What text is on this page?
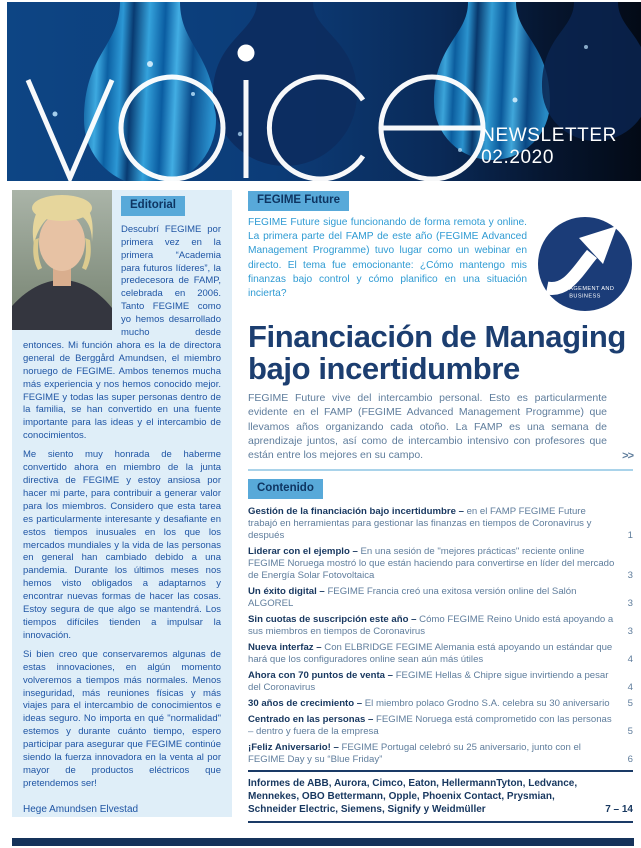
NEWSLETTER
02.2020
Editorial

Descubrí FEGIME por primera vez en la primera “Academia para futuros líderes”, la predecesora de FAMP, celebrada en 2006. Tanto FEGIME como yo hemos desarrollado mucho desde entonces. Mi función ahora es la de directora general de Berggård Amundsen, el miembro noruego de FEGIME. Ambos tenemos mucha más experiencia y nos hemos conocido mejor. FEGIME y todas las super personas dentro de la familia, se han convertido en una fuente importante para las ideas y el intercambio de conocimientos.

Me siento muy honrada de haberme convertido ahora en miembro de la junta directiva de FEGIME y estoy ansiosa por hacer mi parte, para contribuir a generar valor para los miembros. Considero que esta tarea es particularmente interesante y desafiante en estos tiempos inusuales en los que los mercados mundiales y la vida de las personas en general han cambiado debido a una pandemia. Durante los últimos meses nos hemos visto obligados a adaptarnos y encontrar nuevas formas de hacer las cosas. Estoy segura de que algo se mantendrá. Los tiempos difíciles tienden a impulsar la innovación.

Si bien creo que conservaremos algunas de estas innovaciones, en algún momento volveremos a tiempos más normales. Menos inseguridad, más reuniones físicas y más viajes para el intercambio de conocimientos e ideas seguro. No importa en qué "normalidad" estemos y durante cuánto tiempo, espero participar para asegurar que FEGIME continúe siendo la fuerza innovadora en la venta al por mayor de productos eléctricos que pretendemos ser!

Hege Amundsen Elvestad

FEGIME Future

FEGIME Future sigue funcionando de forma remota y online. La primera parte del FAMP de este año (FEGIME Advanced Management Programme) tuvo lugar como un webinar en directo. El tema fue emocionante: ¿Cómo mantengo mis finanzas bajo control y cómo planifico en una situación incierta?	MANAGEMENT AND
BUSINESS
Financiación de Managing bajo incertidumbre

FEGIME Future vive del intercambio personal. Esto es particularmente evidente en el FAMP (FEGIME Advanced Management Programme) que llevamos años organizando cada otoño. La FAMP es una semana de aprendizaje juntos, así como de intercambio intensivo con profesores que están entre los mejores en su campo.	>>
Contenido
Gestión de la financiación bajo incertidumbre – en el FAMP FEGIME Future trabajó en herramientas para gestionar las finanzas en tiempos de Coronavirus y después	1
Liderar con el ejemplo – En una sesión de "mejores prácticas" reciente online FEGIME Noruega mostró lo que están haciendo para convertirse en líder del mercado de Energía Solar Fotovoltaica	3
Un éxito digital – FEGIME Francia creó una exitosa versión online del Salón ALGOREL	3
Sin cuotas de suscripción este año – Cómo FEGIME Reino Unido está apoyando a sus miembros en tiempos de Coronavirus	3
Nueva interfaz – Con ELBRIDGE FEGIME Alemania está apoyando un estándar que hará que los configuradores online sean aún más útiles	4
Ahora con 70 puntos de venta – FEGIME Hellas & Chipre sigue invirtiendo a pesar del Coronavirus	4
30 años de crecimiento – El miembro polaco Grodno S.A. celebra su 30 aniversario 5
Centrado en las personas – FEGIME Noruega está comprometido con las personas – dentro y fuera de la empresa	5
¡Feliz Aniversario! – FEGIME Portugal celebró su 25 aniversario, junto con el FEGIME Day y su “Blue Friday”	6
Informes de ABB, Aurora, Cimco, Eaton, HellermannTyton, Ledvance, Mennekes, OBO Bettermann, Opple, Phoenix Contact, Prysmian, Schneider Electric, Siemens, Signify y Weidmüller	7 – 14
